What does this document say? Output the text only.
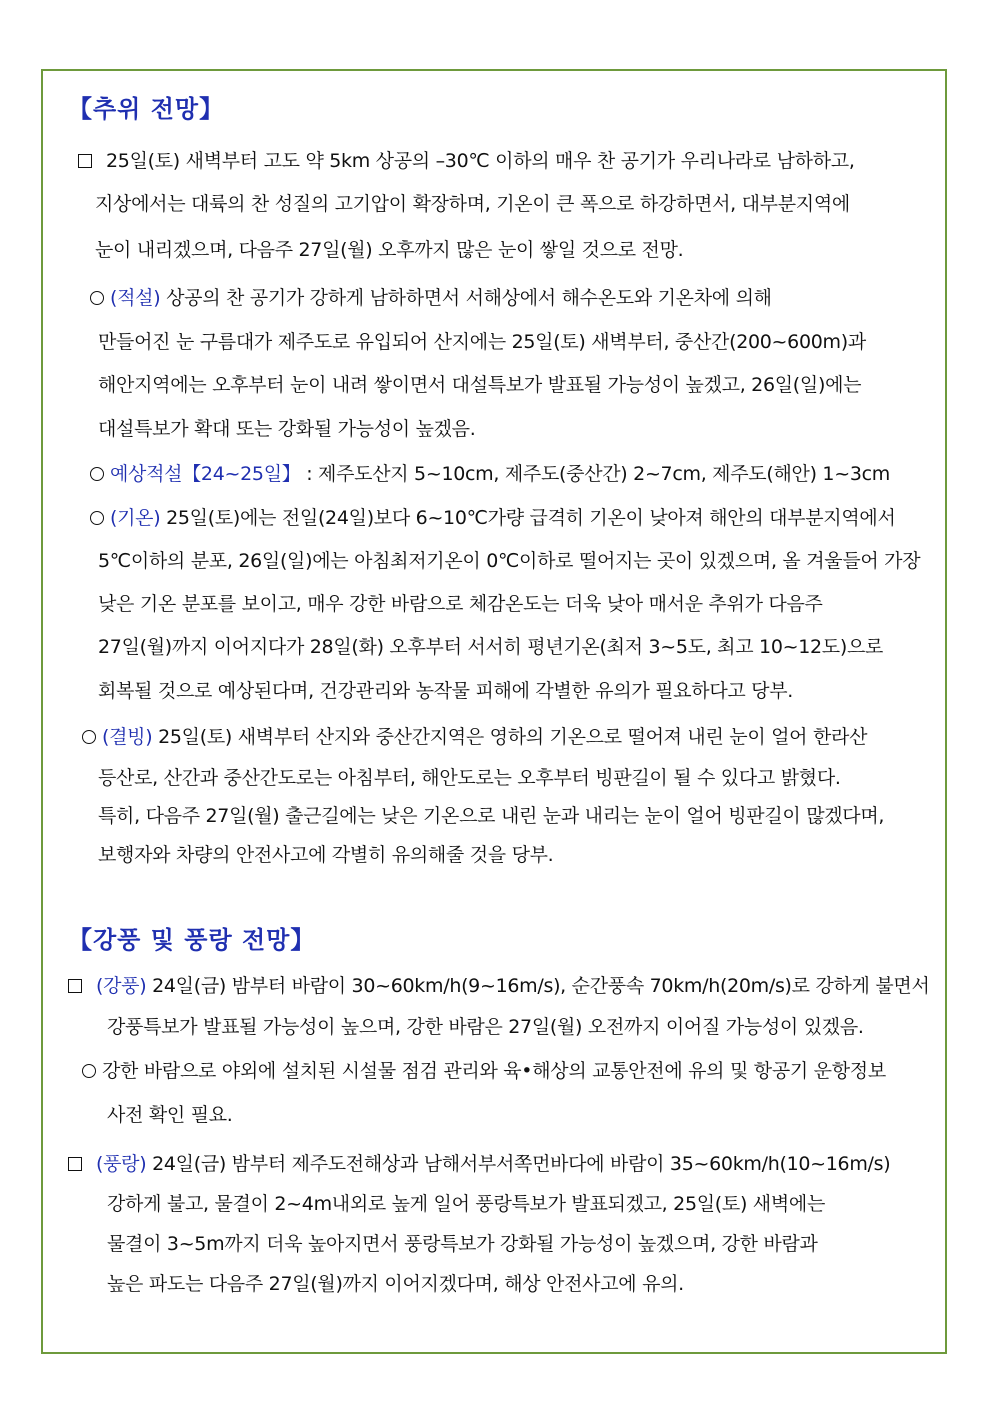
【추위 전망】
25일(토) 새벽부터 고도 약 5km 상공의 –30℃ 이하의 매우 찬 공기가 우리나라로 남하하고,
지상에서는 대륙의 찬 성질의 고기압이 확장하며, 기온이 큰 폭으로 하강하면서, 대부분지역에
눈이 내리겠으며, 다음주 27일(월) 오후까지 많은 눈이 쌓일 것으로 전망.
(적설) 상공의 찬 공기가 강하게 남하하면서 서해상에서 해수온도와 기온차에 의해
만들어진 눈 구름대가 제주도로 유입되어 산지에는 25일(토) 새벽부터, 중산간(200~600m)과
해안지역에는 오후부터 눈이 내려 쌓이면서 대설특보가 발표될 가능성이 높겠고, 26일(일)에는
대설특보가 확대 또는 강화될 가능성이 높겠음.
예상적설【24~25일】 : 제주도산지 5~10cm, 제주도(중산간) 2~7cm, 제주도(해안) 1~3cm
(기온) 25일(토)에는 전일(24일)보다 6~10℃가량 급격히 기온이 낮아져 해안의 대부분지역에서
5℃이하의 분포, 26일(일)에는 아침최저기온이 0℃이하로 떨어지는 곳이 있겠으며, 올 겨울들어 가장
낮은 기온 분포를 보이고, 매우 강한 바람으로 체감온도는 더욱 낮아 매서운 추위가 다음주
27일(월)까지 이어지다가 28일(화) 오후부터 서서히 평년기온(최저 3~5도, 최고 10~12도)으로
회복될 것으로 예상된다며, 건강관리와 농작물 피해에 각별한 유의가 필요하다고 당부.
(결빙) 25일(토) 새벽부터 산지와 중산간지역은 영하의 기온으로 떨어져 내린 눈이 얼어 한라산
등산로, 산간과 중산간도로는 아침부터, 해안도로는 오후부터 빙판길이 될 수 있다고 밝혔다.
특히, 다음주 27일(월) 출근길에는 낮은 기온으로 내린 눈과 내리는 눈이 얼어 빙판길이 많겠다며,
보행자와 차량의 안전사고에 각별히 유의해줄 것을 당부.
【강풍 및 풍랑 전망】
(강풍) 24일(금) 밤부터 바람이 30~60km/h(9~16m/s), 순간풍속 70km/h(20m/s)로 강하게 불면서
강풍특보가 발표될 가능성이 높으며, 강한 바람은 27일(월) 오전까지 이어질 가능성이 있겠음.
강한 바람으로 야외에 설치된 시설물 점검 관리와 육•해상의 교통안전에 유의 및 항공기 운항정보
사전 확인 필요.
(풍랑) 24일(금) 밤부터 제주도전해상과 남해서부서쪽먼바다에 바람이 35~60km/h(10~16m/s)
강하게 불고, 물결이 2~4m내외로 높게 일어 풍랑특보가 발표되겠고, 25일(토) 새벽에는
물결이 3~5m까지 더욱 높아지면서 풍랑특보가 강화될 가능성이 높겠으며, 강한 바람과
높은 파도는 다음주 27일(월)까지 이어지겠다며, 해상 안전사고에 유의.
